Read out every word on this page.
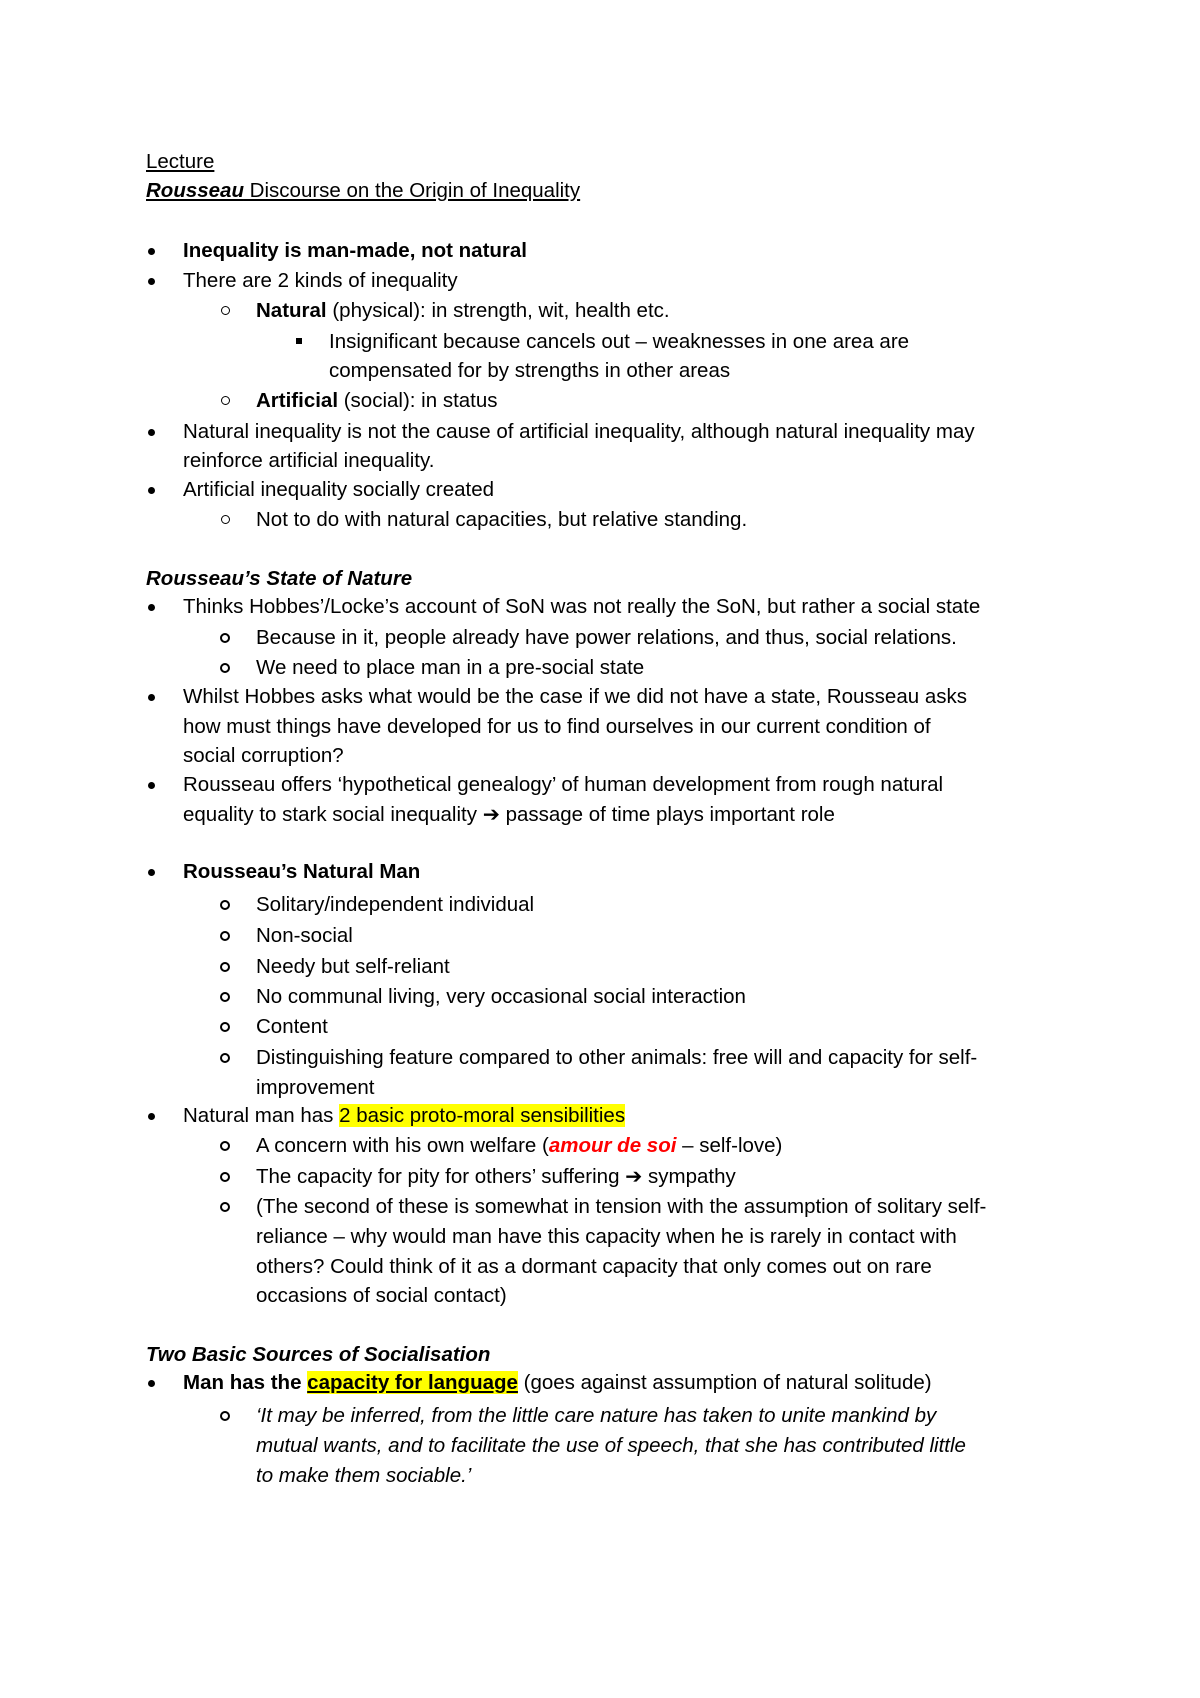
Lecture
Rousseau Discourse on the Origin of Inequality
Inequality is man-made, not natural
There are 2 kinds of inequality
Natural (physical): in strength, wit, health etc.
Insignificant because cancels out – weaknesses in one area are
compensated for by strengths in other areas
Artificial (social): in status
Natural inequality is not the cause of artificial inequality, although natural inequality may
reinforce artificial inequality.
Artificial inequality socially created
Not to do with natural capacities, but relative standing.
Rousseau’s State of Nature
Thinks Hobbes’/Locke’s account of SoN was not really the SoN, but rather a social state
Because in it, people already have power relations, and thus, social relations.
We need to place man in a pre-social state
Whilst Hobbes asks what would be the case if we did not have a state, Rousseau asks
how must things have developed for us to find ourselves in our current condition of
social corruption?
Rousseau offers ‘hypothetical genealogy’ of human development from rough natural
equality to stark social inequality ➔ passage of time plays important role
Rousseau’s Natural Man
Solitary/independent individual
Non-social
Needy but self-reliant
No communal living, very occasional social interaction
Content
Distinguishing feature compared to other animals: free will and capacity for self-
improvement
Natural man has 2 basic proto-moral sensibilities
A concern with his own welfare (amour de soi – self-love)
The capacity for pity for others’ suffering ➔ sympathy
(The second of these is somewhat in tension with the assumption of solitary self-
reliance – why would man have this capacity when he is rarely in contact with
others? Could think of it as a dormant capacity that only comes out on rare
occasions of social contact)
Two Basic Sources of Socialisation
Man has the capacity for language (goes against assumption of natural solitude)
‘It may be inferred, from the little care nature has taken to unite mankind by
mutual wants, and to facilitate the use of speech, that she has contributed little
to make them sociable.’
